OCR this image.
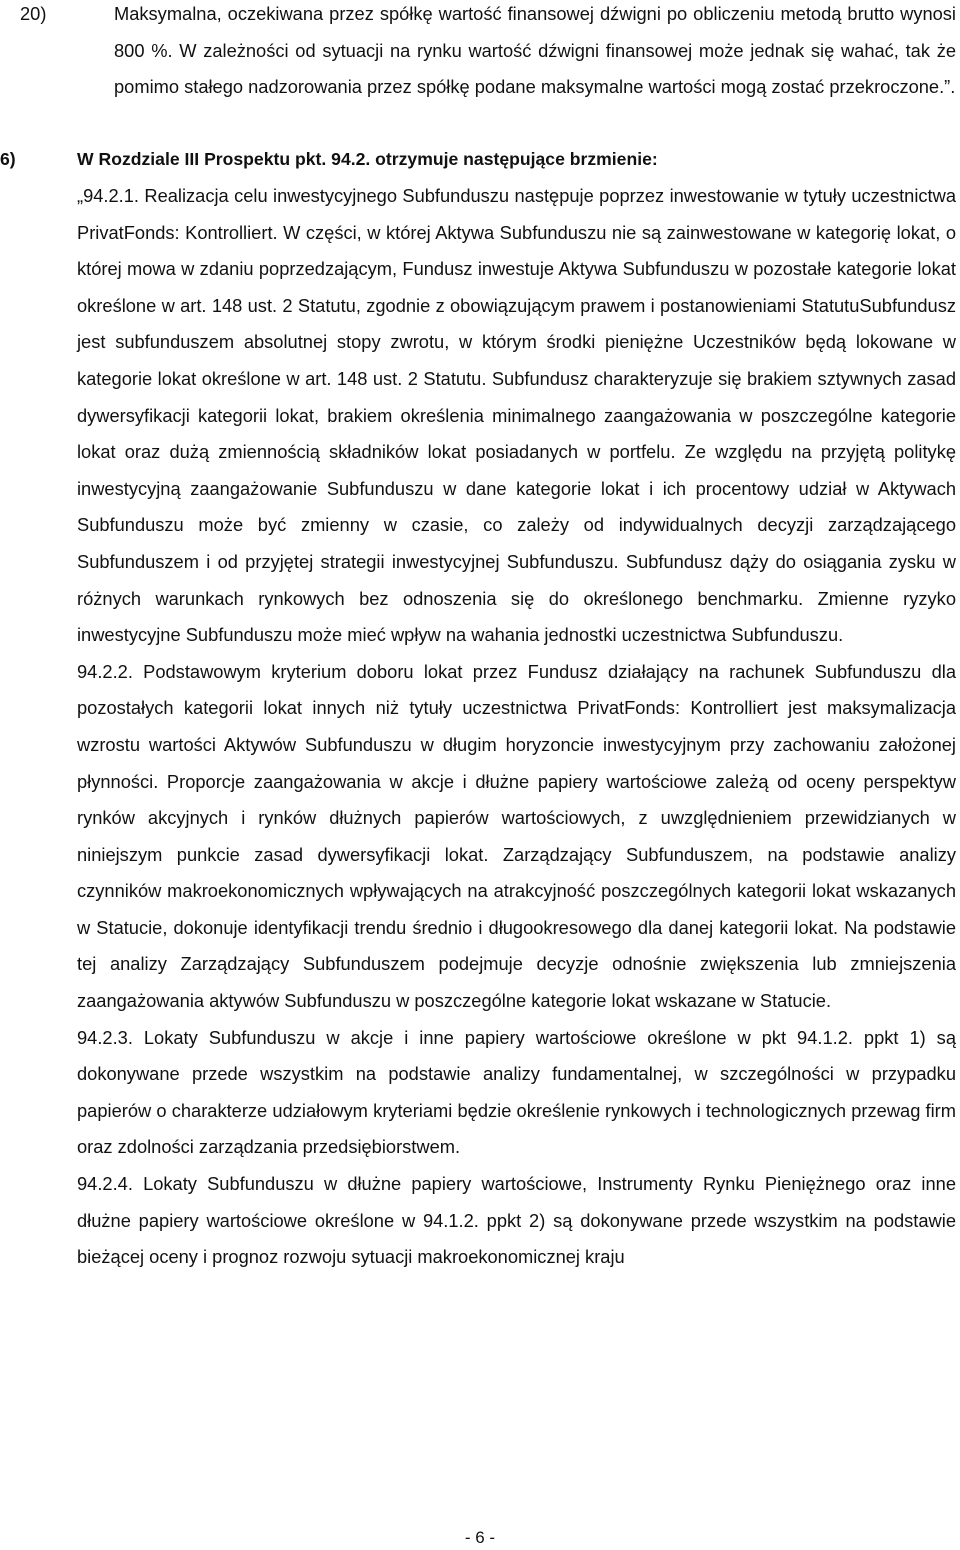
20)	Maksymalna, oczekiwana przez spółkę wartość finansowej dźwigni po obliczeniu metodą brutto wynosi 800 %. W zależności od sytuacji na rynku wartość dźwigni finansowej może jednak się wahać, tak że pomimo stałego nadzorowania przez spółkę podane maksymalne wartości mogą zostać przekroczone.”.
6)	W Rozdziale III Prospektu pkt. 94.2. otrzymuje następujące brzmienie:

„94.2.1. Realizacja celu inwestycyjnego Subfunduszu następuje poprzez inwestowanie w tytuły uczestnictwa PrivatFonds: Kontrolliert. W części, w której Aktywa Subfunduszu nie są zainwestowane w kategorię lokat, o której mowa w zdaniu poprzedzającym, Fundusz inwestuje Aktywa Subfunduszu w pozostałe kategorie lokat określone w art. 148 ust. 2 Statutu, zgodnie z obowiązującym prawem i postanowieniami StatutuSubfundusz jest subfunduszem absolutnej stopy zwrotu, w którym środki pieniężne Uczestników będą lokowane w kategorie lokat określone w art. 148 ust. 2 Statutu. Subfundusz charakteryzuje się brakiem sztywnych zasad dywersyfikacji kategorii lokat, brakiem określenia minimalnego zaangażowania w poszczególne kategorie lokat oraz dużą zmiennością składników lokat posiadanych w portfelu. Ze względu na przyjętą politykę inwestycyjną zaangażowanie Subfunduszu w dane kategorie lokat i ich procentowy udział w Aktywach Subfunduszu może być zmienny w czasie, co zależy od indywidualnych decyzji zarządzającego Subfunduszem i od przyjętej strategii inwestycyjnej Subfunduszu. Subfundusz dąży do osiągania zysku w różnych warunkach rynkowych bez odnoszenia się do określonego benchmarku. Zmienne ryzyko inwestycyjne Subfunduszu może mieć wpływ na wahania jednostki uczestnictwa Subfunduszu.

94.2.2. Podstawowym kryterium doboru lokat przez Fundusz działający na rachunek Subfunduszu dla pozostałych kategorii lokat innych niż tytuły uczestnictwa PrivatFonds: Kontrolliert jest maksymalizacja wzrostu wartości Aktywów Subfunduszu w długim horyzoncie inwestycyjnym przy zachowaniu założonej płynności. Proporcje zaangażowania w akcje i dłużne papiery wartościowe zależą od oceny perspektyw rynków akcyjnych i rynków dłużnych papierów wartościowych, z uwzględnieniem przewidzianych w niniejszym punkcie zasad dywersyfikacji lokat. Zarządzający Subfunduszem, na podstawie analizy czynników makroekonomicznych wpływających na atrakcyjność poszczególnych kategorii lokat wskazanych w Statucie, dokonuje identyfikacji trendu średnio i długookresowego dla danej kategorii lokat. Na podstawie tej analizy Zarządzający Subfunduszem podejmuje decyzje odnośnie zwiększenia lub zmniejszenia zaangażowania aktywów Subfunduszu w poszczególne kategorie lokat wskazane w Statucie.

94.2.3. Lokaty Subfunduszu w akcje i inne papiery wartościowe określone w pkt 94.1.2. ppkt 1) są dokonywane przede wszystkim na podstawie analizy fundamentalnej, w szczególności w przypadku papierów o charakterze udziałowym kryteriami będzie określenie rynkowych i technologicznych przewag firm oraz zdolności zarządzania przedsiębiorstwem.

94.2.4. Lokaty Subfunduszu w dłużne papiery wartościowe, Instrumenty Rynku Pieniężnego oraz inne dłużne papiery wartościowe określone w 94.1.2. ppkt 2) są dokonywane przede wszystkim na podstawie bieżącej oceny i prognoz rozwoju sytuacji makroekonomicznej kraju

- 6 -
